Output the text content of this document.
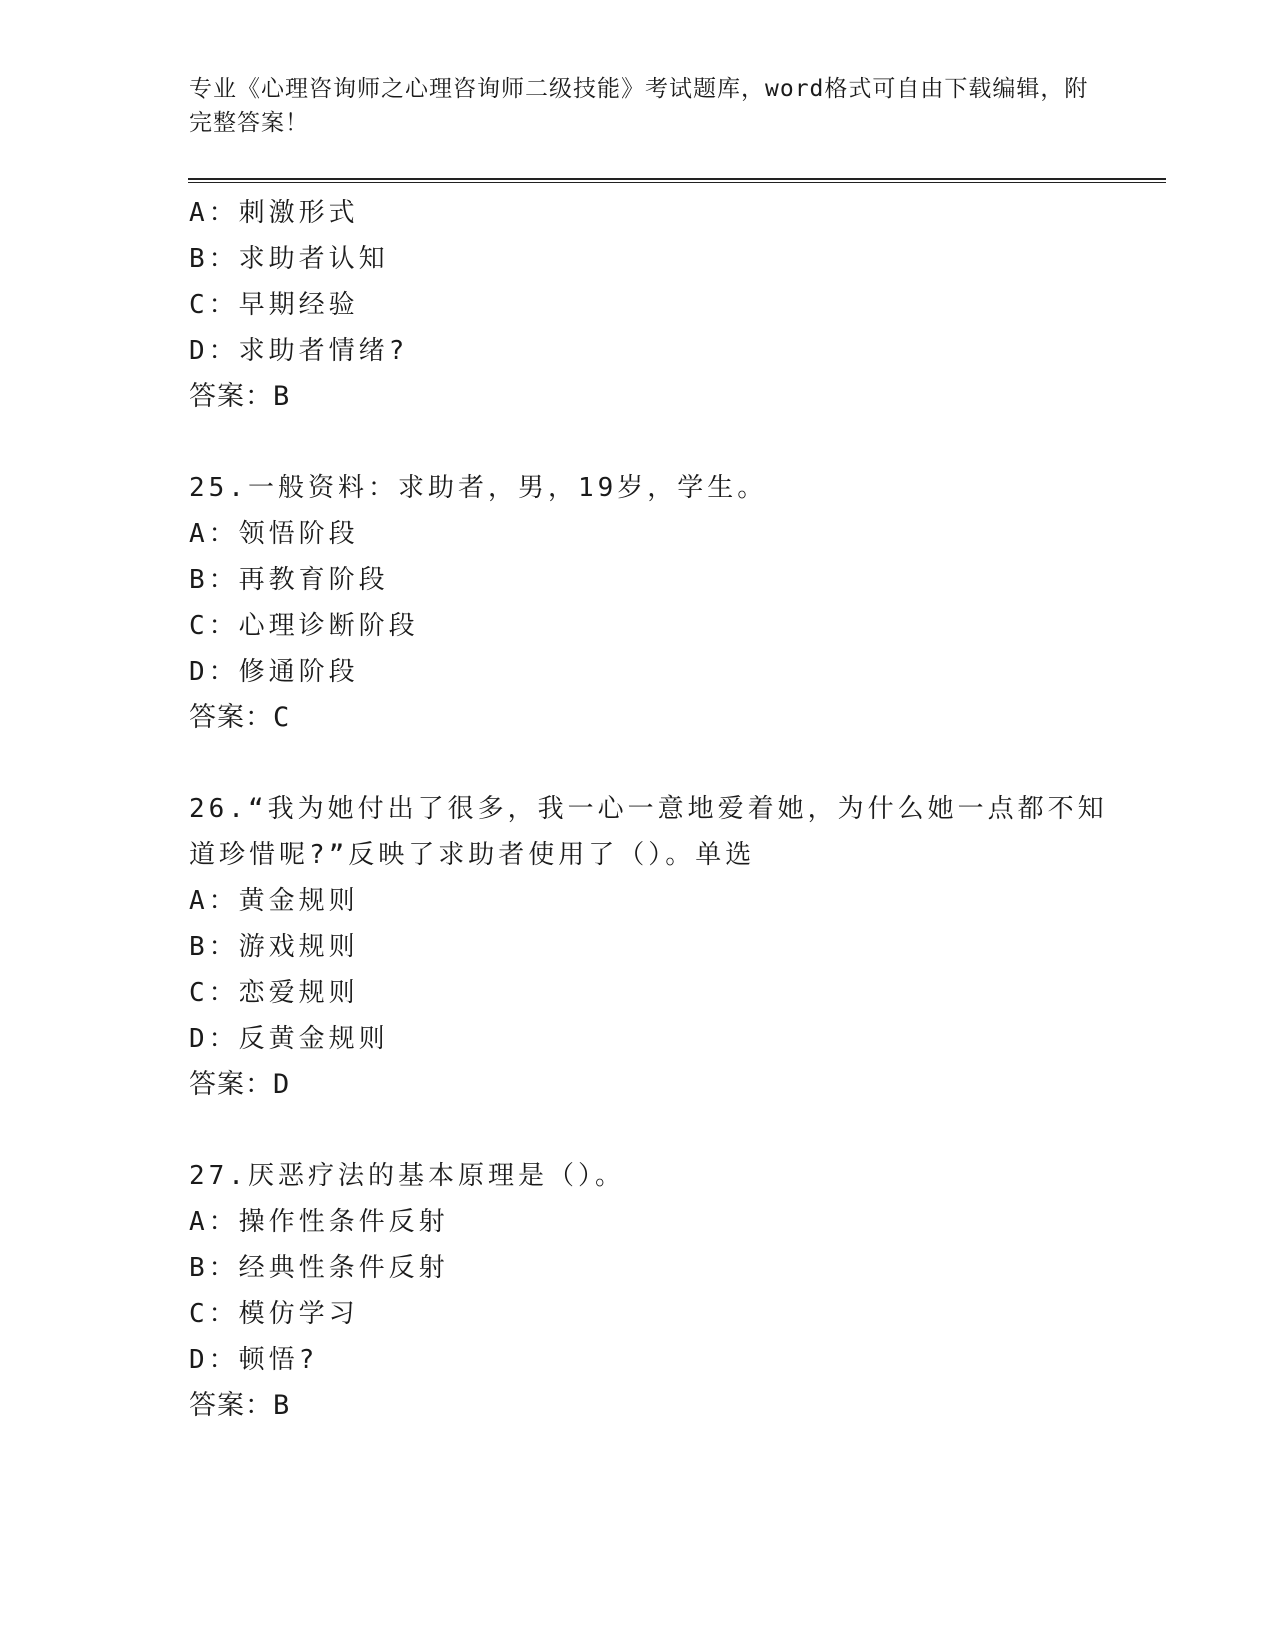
专业《心理咨询师之心理咨询师二级技能》考试题库，word格式可自由下载编辑，附完整答案！
A：刺激形式
B：求助者认知
C：早期经验
D：求助者情绪?
答案：B
25.一般资料：求助者，男，19岁，学生。
A：领悟阶段
B：再教育阶段
C：心理诊断阶段
D：修通阶段
答案：C
26.“我为她付出了很多，我一心一意地爱着她，为什么她一点都不知
道珍惜呢?”反映了求助者使用了（）。单选
A：黄金规则
B：游戏规则
C：恋爱规则
D：反黄金规则
答案：D
27.厌恶疗法的基本原理是（）。
A：操作性条件反射
B：经典性条件反射
C：模仿学习
D：顿悟?
答案：B
